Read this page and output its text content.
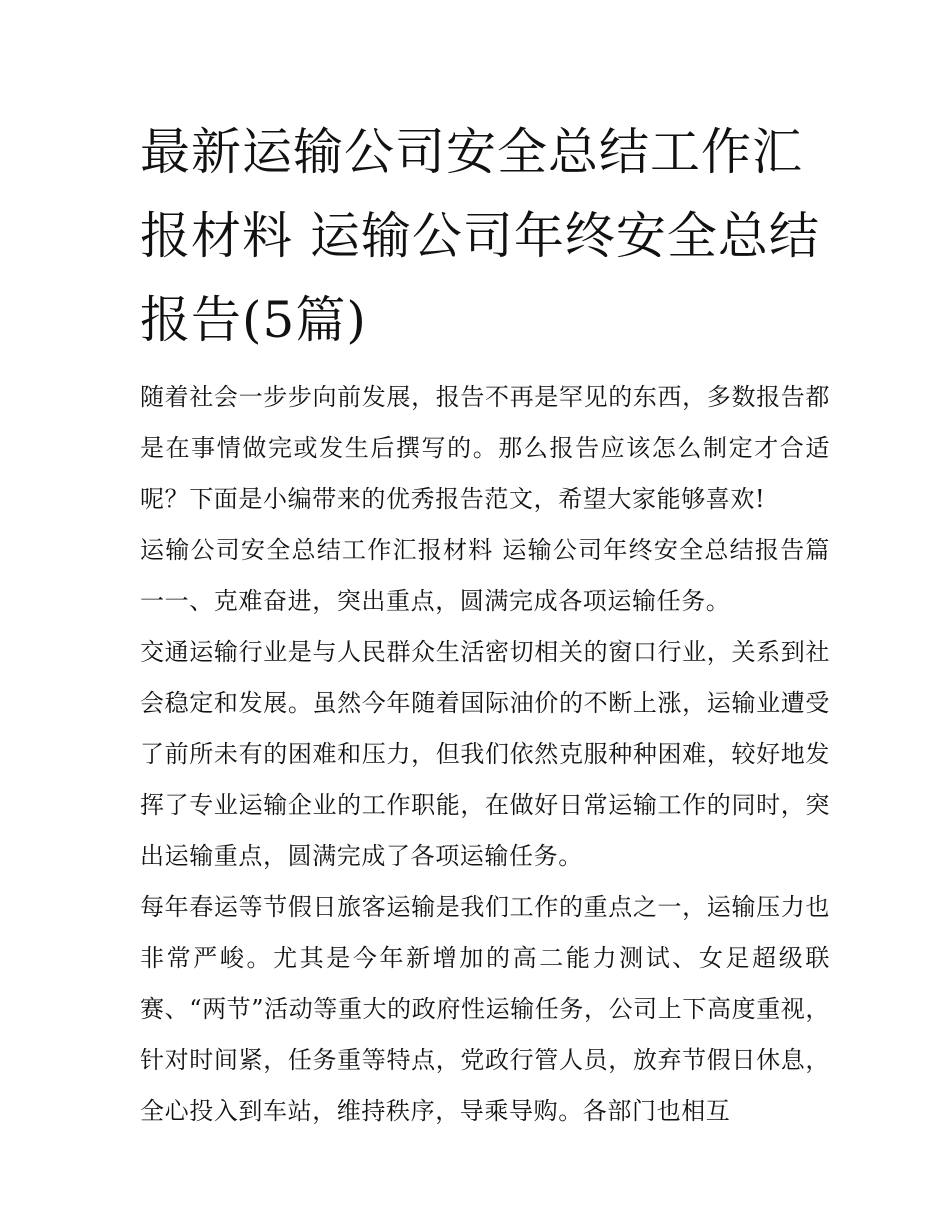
最新运输公司安全总结工作汇报材料 运输公司年终安全总结报告(5篇)

随着社会一步步向前发展，报告不再是罕见的东西，多数报告都是在事情做完或发生后撰写的。那么报告应该怎么制定才合适呢？下面是小编带来的优秀报告范文，希望大家能够喜欢!

运输公司安全总结工作汇报材料 运输公司年终安全总结报告篇一一、克难奋进，突出重点，圆满完成各项运输任务。

交通运输行业是与人民群众生活密切相关的窗口行业，关系到社会稳定和发展。虽然今年随着国际油价的不断上涨，运输业遭受了前所未有的困难和压力，但我们依然克服种种困难，较好地发挥了专业运输企业的工作职能，在做好日常运输工作的同时，突出运输重点，圆满完成了各项运输任务。

每年春运等节假日旅客运输是我们工作的重点之一，运输压力也非常严峻。尤其是今年新增加的高二能力测试、女足超级联赛、“两节”活动等重大的政府性运输任务，公司上下高度重视，针对时间紧，任务重等特点，党政行管人员，放弃节假日休息，全心投入到车站，维持秩序，导乘导购。各部门也相互
